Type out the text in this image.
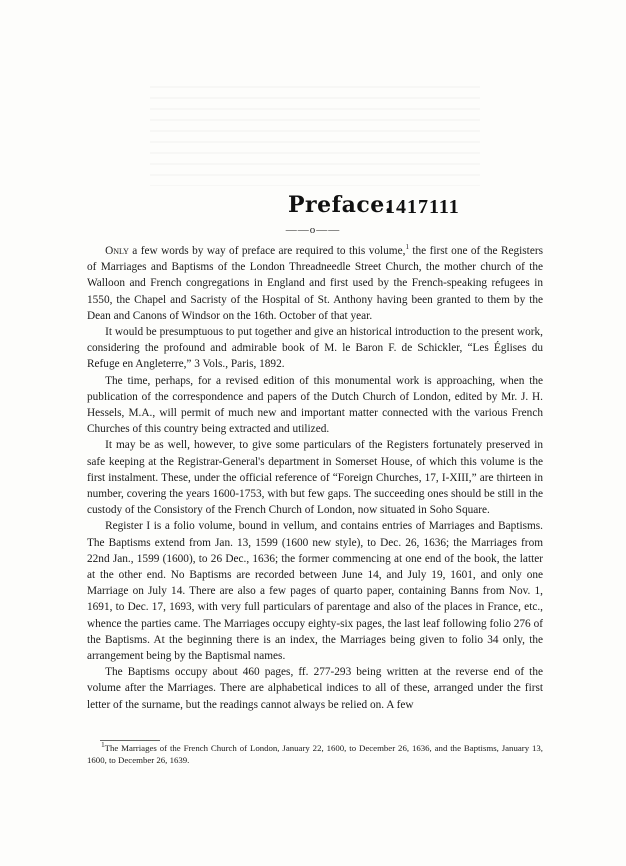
Preface.
1417111
——o——

Only a few words by way of preface are required to this volume,$^1$ the first one of the Registers of Marriages and Baptisms of the London Threadneedle Street Church, the mother church of the Walloon and French congregations in England and first used by the French-speaking refugees in 1550, the Chapel and Sacristy of the Hospital of St. Anthony having been granted to them by the Dean and Canons of Windsor on the 16th. October of that year.

It would be presumptuous to put together and give an historical introduction to the present work, considering the profound and admirable book of M. le Baron F. de Schickler, “Les Églises du Refuge en Angleterre,” 3 Vols., Paris, 1892.

The time, perhaps, for a revised edition of this monumental work is approaching, when the publication of the correspondence and papers of the Dutch Church of London, edited by Mr. J. H. Hessels, M.A., will permit of much new and important matter connected with the various French Churches of this country being extracted and utilized.

It may be as well, however, to give some particulars of the Registers fortunately preserved in safe keeping at the Registrar-General's department in Somerset House, of which this volume is the first instalment. These, under the official reference of “Foreign Churches, 17, I-XIII,” are thirteen in number, covering the years 1600-1753, with but few gaps. The succeeding ones should be still in the custody of the Consistory of the French Church of London, now situated in Soho Square.

Register I is a folio volume, bound in vellum, and contains entries of Marriages and Baptisms. The Baptisms extend from Jan. 13, 1599 (1600 new style), to Dec. 26, 1636; the Marriages from 22nd Jan., 1599 (1600), to 26 Dec., 1636; the former commencing at one end of the book, the latter at the other end. No Baptisms are recorded between June 14, and July 19, 1601, and only one Marriage on July 14. There are also a few pages of quarto paper, containing Banns from Nov. 1, 1691, to Dec. 17, 1693, with very full particulars of parentage and also of the places in France, etc., whence the parties came. The Marriages occupy eighty-six pages, the last leaf following folio 276 of the Baptisms. At the beginning there is an index, the Marriages being given to folio 34 only, the arrangement being by the Baptismal names.

The Baptisms occupy about 460 pages, ff. 277-293 being written at the reverse end of the volume after the Marriages. There are alphabetical indices to all of these, arranged under the first letter of the surname, but the readings cannot always be relied on. A few

$^1$The Marriages of the French Church of London, January 22, 1600, to December 26, 1636, and the Baptisms, January 13, 1600, to December 26, 1639.
